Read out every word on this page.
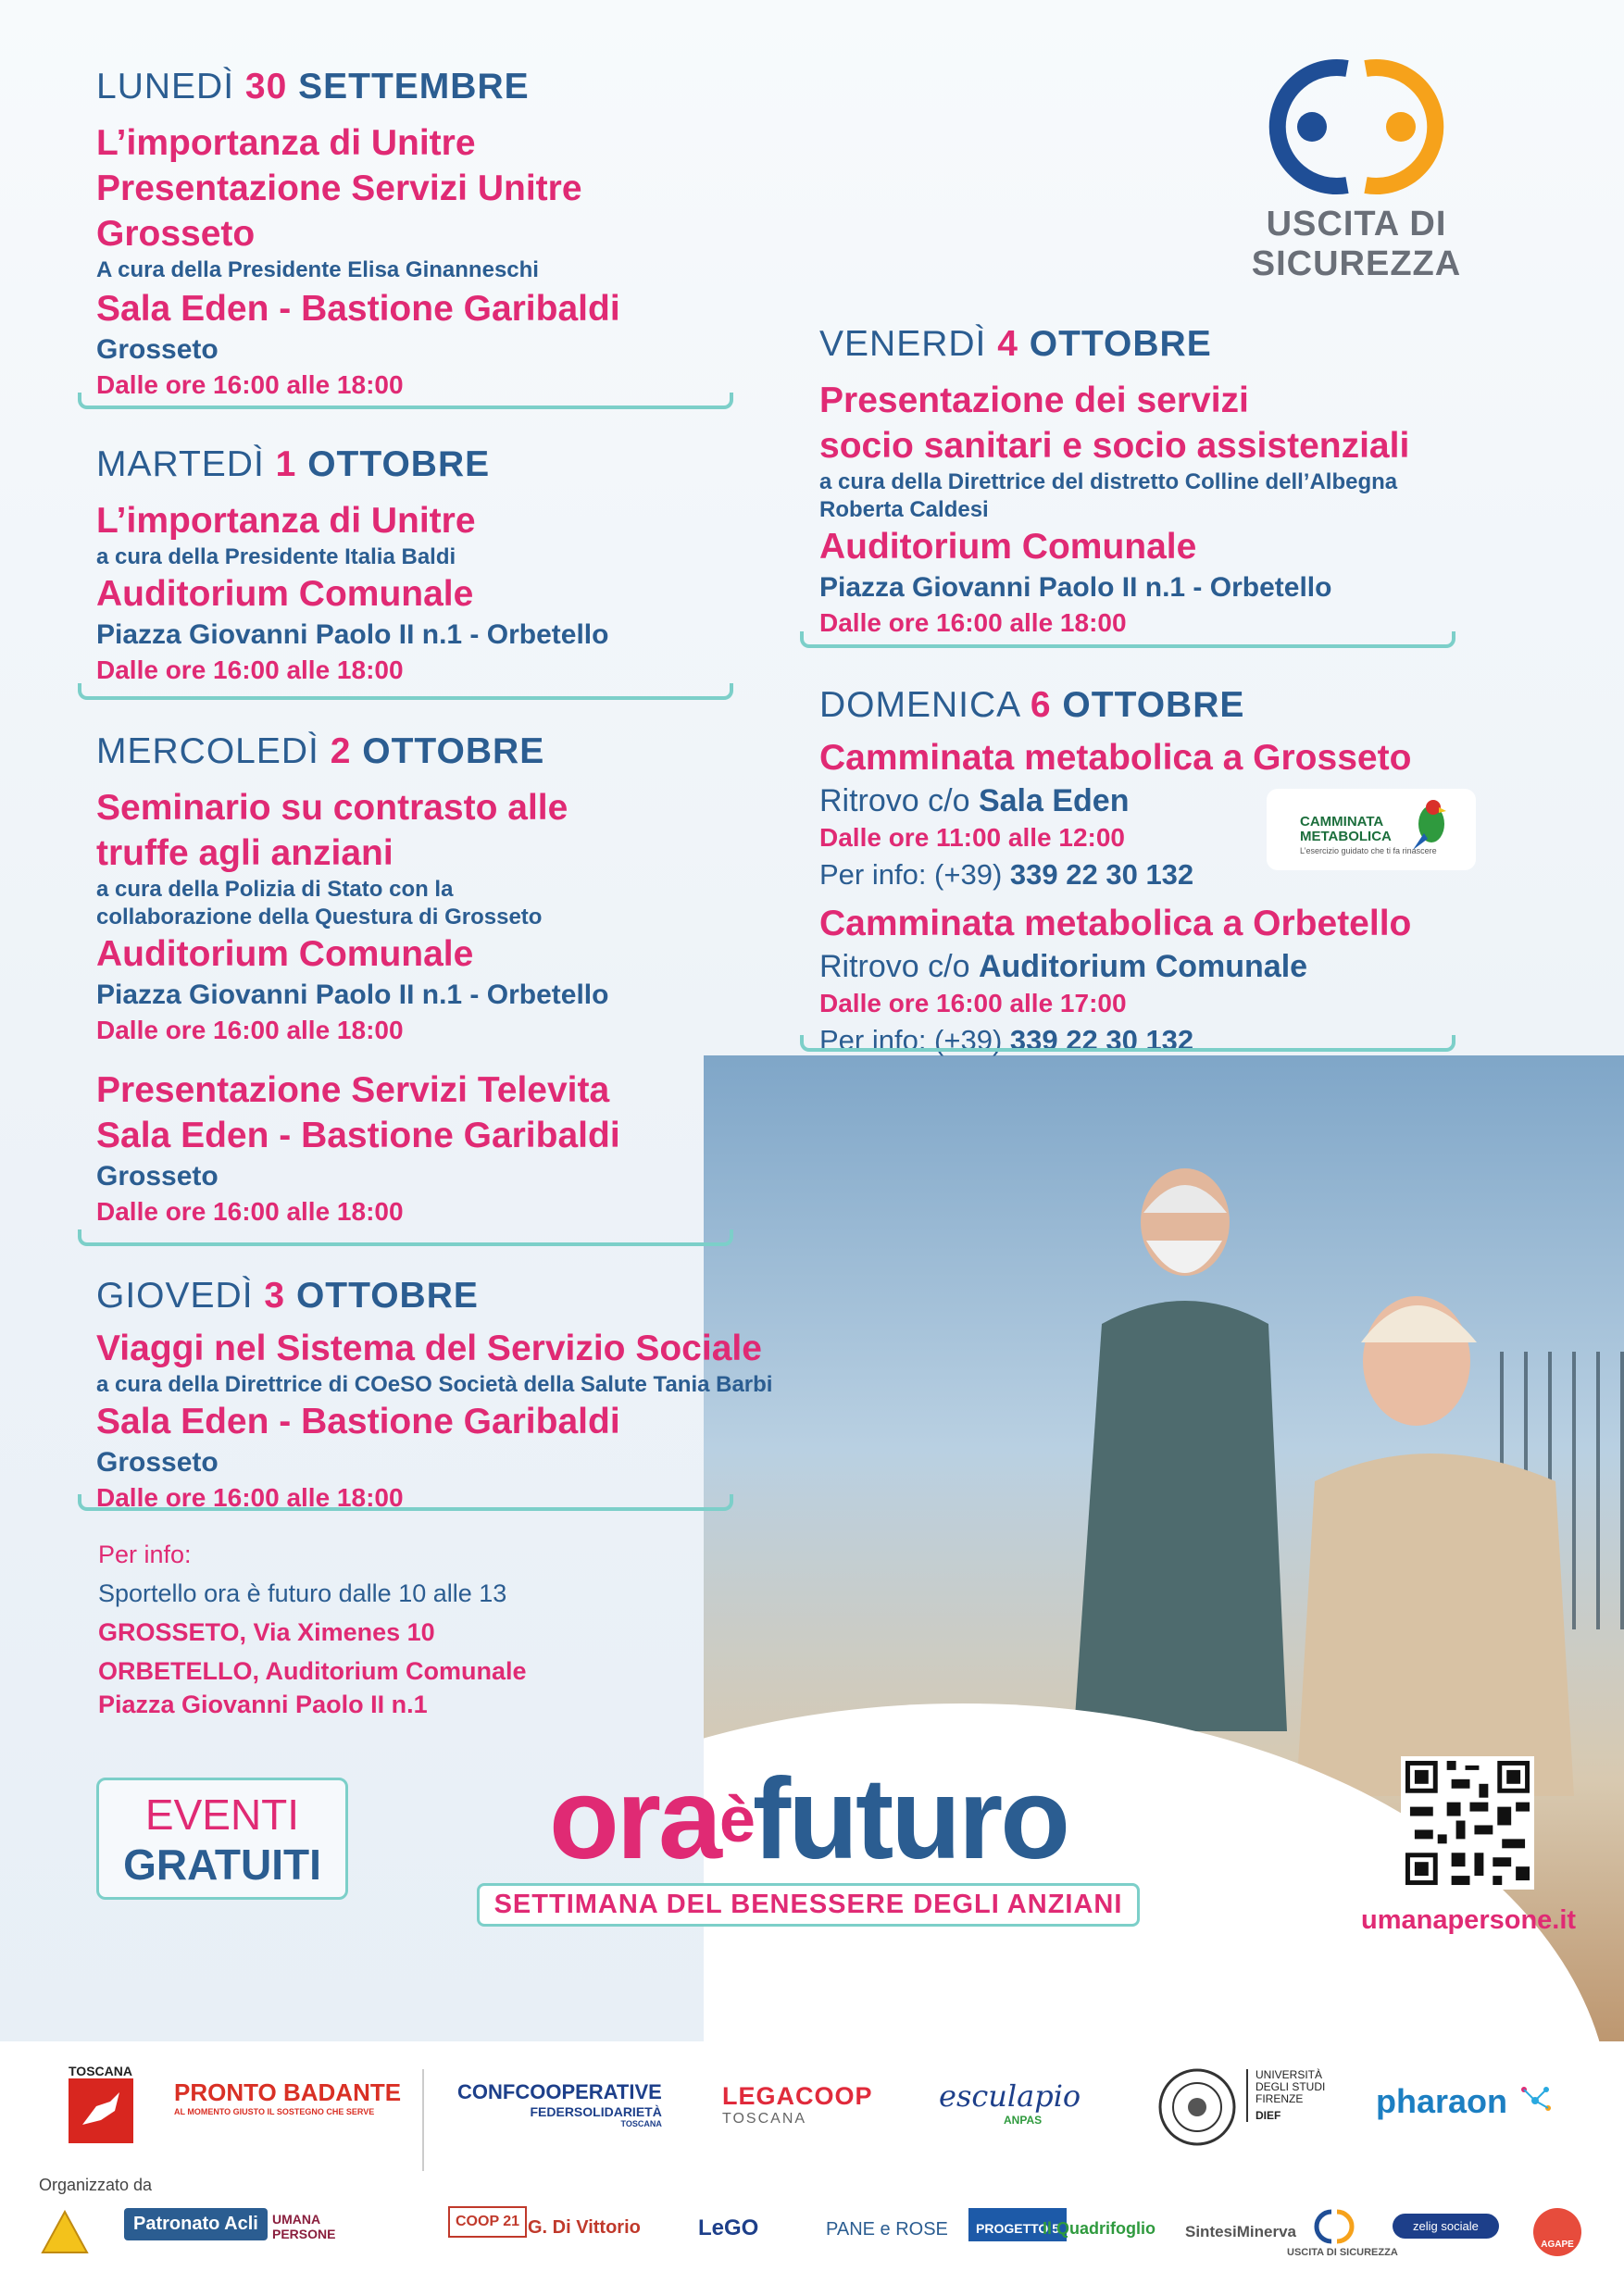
USCITA DI SICUREZZA
LUNEDÌ 30 SETTEMBRE
L’importanza di Unitre
Presentazione Servizi Unitre
Grosseto
A cura della Presidente Elisa Ginanneschi
Sala Eden - Bastione Garibaldi
Grosseto
Dalle ore 16:00 alle 18:00
MARTEDÌ 1 OTTOBRE
L’importanza di Unitre
a cura della Presidente Italia Baldi
Auditorium Comunale
Piazza Giovanni Paolo II n.1 - Orbetello
Dalle ore 16:00 alle 18:00
MERCOLEDÌ 2 OTTOBRE
Seminario su contrasto alle
truffe agli anziani
a cura della Polizia di Stato con la
collaborazione della Questura di Grosseto
Auditorium Comunale
Piazza Giovanni Paolo II n.1 - Orbetello
Dalle ore 16:00 alle 18:00
Presentazione Servizi Televita
Sala Eden - Bastione Garibaldi
Grosseto
Dalle ore 16:00 alle 18:00
GIOVEDÌ 3 OTTOBRE
Viaggi nel Sistema del Servizio Sociale
a cura della Direttrice di COeSO Società della Salute Tania Barbi
Sala Eden - Bastione Garibaldi
Grosseto
Dalle ore 16:00 alle 18:00
VENERDÌ 4 OTTOBRE
Presentazione dei servizi
socio sanitari e socio assistenziali
a cura della Direttrice del distretto Colline dell’Albegna
Roberta Caldesi
Auditorium Comunale
Piazza Giovanni Paolo II n.1 - Orbetello
Dalle ore 16:00 alle 18:00
DOMENICA 6 OTTOBRE
Camminata metabolica a Grosseto
Ritrovo c/o Sala Eden
Dalle ore 11:00 alle 12:00
Per info: (+39) 339 22 30 132
Camminata metabolica a Orbetello
Ritrovo c/o Auditorium Comunale
Dalle ore 16:00 alle 17:00
Per info: (+39) 339 22 30 132
CAMMINATA
METABOLICA
L’esercizio guidato che ti fa rinascere
Per info:
Sportello ora è futuro dalle 10 alle 13
GROSSETO, Via Ximenes 10
ORBETELLO, Auditorium Comunale
Piazza Giovanni Paolo II n.1
EVENTI
GRATUITI	ora$^è$futuro
SETTIMANA DEL BENESSERE DEGLI ANZIANI
umanapersone.it
TOSCANA
PRONTO BADANTE
AL MOMENTO GIUSTO IL SOSTEGNO CHE SERVE
CONFCOOPERATIVE
FEDERSOLIDARIETÀ
TOSCANA
LEGACOOP
TOSCANA
esculapio
ANPAS
UNIVERSITÀ DEGLI STUDI FIRENZE
DIEF	pharaon
Organizzato da
Patronato Acli	UMANA PERSONE
COOP 21 G. Di Vittorio	LeGO	PANE e ROSE	PROGETTO 5
Il Quadrifoglio SintesiMinerva
USCITA DI SICUREZZA
zelig sociale
AGAPE
